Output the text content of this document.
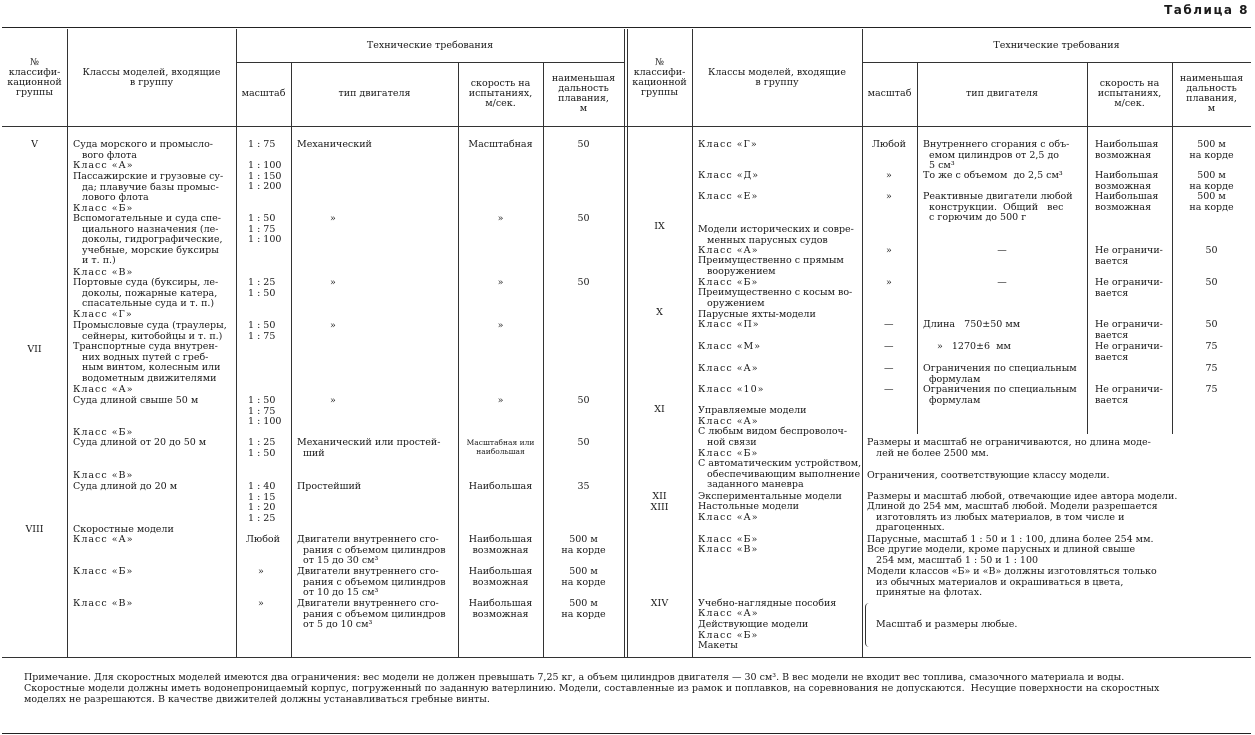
Таблица 8
№
классифи-
кационной
группы
Классы моделей, входящие
в группу
Технические требования
масштаб	тип двигателя
скорость на
испытаниях,
м/сек.
наименьшая
дальность
плавания,
м
№
классифи-
кационной
группы
Классы моделей, входящие
в группу
Технические требования
масштаб	тип двигателя
скорость на
испытаниях,
м/сек.
наименьшая
дальность
плавания,
м
V
VII
VIII
Суда морского и промысло-
вого флота
Класс «А»
Пассажирские и грузовые су-
да; плавучие базы промыс-
лового флота
Класс «Б»
Вспомогательные и суда спе-
циального назначения (ле-
доколы, гидрографические,
учебные, морские буксиры
и т. п.)
Класс «В»
Портовые суда (буксиры, ле-
доколы, пожарные катера,
спасательные суда и т. п.)
Класс «Г»
Промысловые суда (траулеры,
сейнеры, китобойцы и т. п.)
Транспортные суда внутрен-
них водных путей с греб-
ным винтом, колесным или
водометным движителями
Класс «А»
Суда длиной свыше 50 м
Класс «Б»
Суда длиной от 20 до 50 м
Класс «В»
Суда длиной до 20 м
Скоростные модели
Класс «А»
Класс «Б»
Класс «В»
1 : 75
1 : 100
1 : 150
1 : 200
1 : 50
1 : 75
1 : 100
1 : 25
1 : 50
1 : 50
1 : 75
1 : 50
1 : 75
1 : 100
1 : 25
1 : 50
1 : 40
1 : 15
1 : 20
1 : 25
Любой
»
»
Механический
»
»
»
»
Механический или простей-
ший
Простейший
Двигатели внутреннего сго-
рания с объемом цилиндров
от 15 до 30 см³
Двигатели внутреннего сго-
рания с объемом цилиндров
от 10 до 15 см³
Двигатели внутреннего сго-
рания с объемом цилиндров
от 5 до 10 см³
Масштабная
»
»
»
»
Масштабная или
наибольшая
Наибольшая
Наибольшая
возможная
Наибольшая
возможная
Наибольшая
возможная
50
50
50
50
50
35
500 м
на корде
500 м
на корде
500 м
на корде
IX
X
XI
XII
XIII
XIV
Класс «Г»
Класс «Д»
Класс «Е»
Модели исторических и совре-
менных парусных судов
Класс «А»
Преимущественно с прямым
вооружением
Класс «Б»
Преимущественно с косым во-
оружением
Парусные яхты-модели
Класс «П»
Класс «М»
Класс «А»
Класс «10»
Управляемые модели
Класс «А»
С любым видом беспроволоч-
ной связи
Класс «Б»
С автоматическим устройством,
обеспечивающим выполнение
заданного маневра
Экспериментальные модели
Настольные модели
Класс «А»
Класс «Б»
Класс «В»
Учебно-наглядные пособия
Класс «А»
Действующие модели
Класс «Б»
Макеты
Любой
»
»
»
»
—
—
—
—
Внутреннего сгорания с объ-
емом цилиндров от 2,5 до
5 см³
То же с объемом  до 2,5 см³
Реактивные двигатели любой
конструкции.  Общий   вес
с горючим до 500 г
—
—
Длина   750±50 мм
»   1270±6  мм
Ограничения по специальным
формулам
Ограничения по специальным
формулам
Наибольшая
возможная
Наибольшая
возможная
Наибольшая
возможная
Не ограничи-
вается
Не ограничи-
вается
Не ограничи-
вается
Не ограничи-
вается
Не ограничи-
вается
500 м
на корде
500 м
на корде
500 м
на корде
50
50
50
75
75
75
Размеры и масштаб не ограничиваются, но длина моде-
лей не более 2500 мм.
Ограничения, соответствующие классу модели.
Размеры и масштаб любой, отвечающие идее автора модели.
Длиной до 254 мм, масштаб любой. Модели разрешается
изготовлять из любых материалов, в том числе и
драгоценных.
Парусные, масштаб 1 : 50 и 1 : 100, длина более 254 мм.
Все другие модели, кроме парусных и длиной свыше
254 мм, масштаб 1 : 50 и 1 : 100
Модели классов «Б» и «В» должны изготовляться только
из обычных материалов и окрашиваться в цвета,
принятые на флотах.
Масштаб и размеры любые.
Примечание. Для скоростных моделей имеются два ограничения: вес модели не должен превышать 7,25 кг, а объем цилиндров двигателя — 30 см³. В вес модели не входит вес топлива, смазочного материала и воды.
Скоростные модели должны иметь водонепроницаемый корпус, погруженный по заданную ватерлинию. Модели, составленные из рамок и поплавков, на соревнования не допускаются.  Несущие поверхности на скоростных
моделях не разрешаются. В качестве движителей должны устанавливаться гребные винты.
